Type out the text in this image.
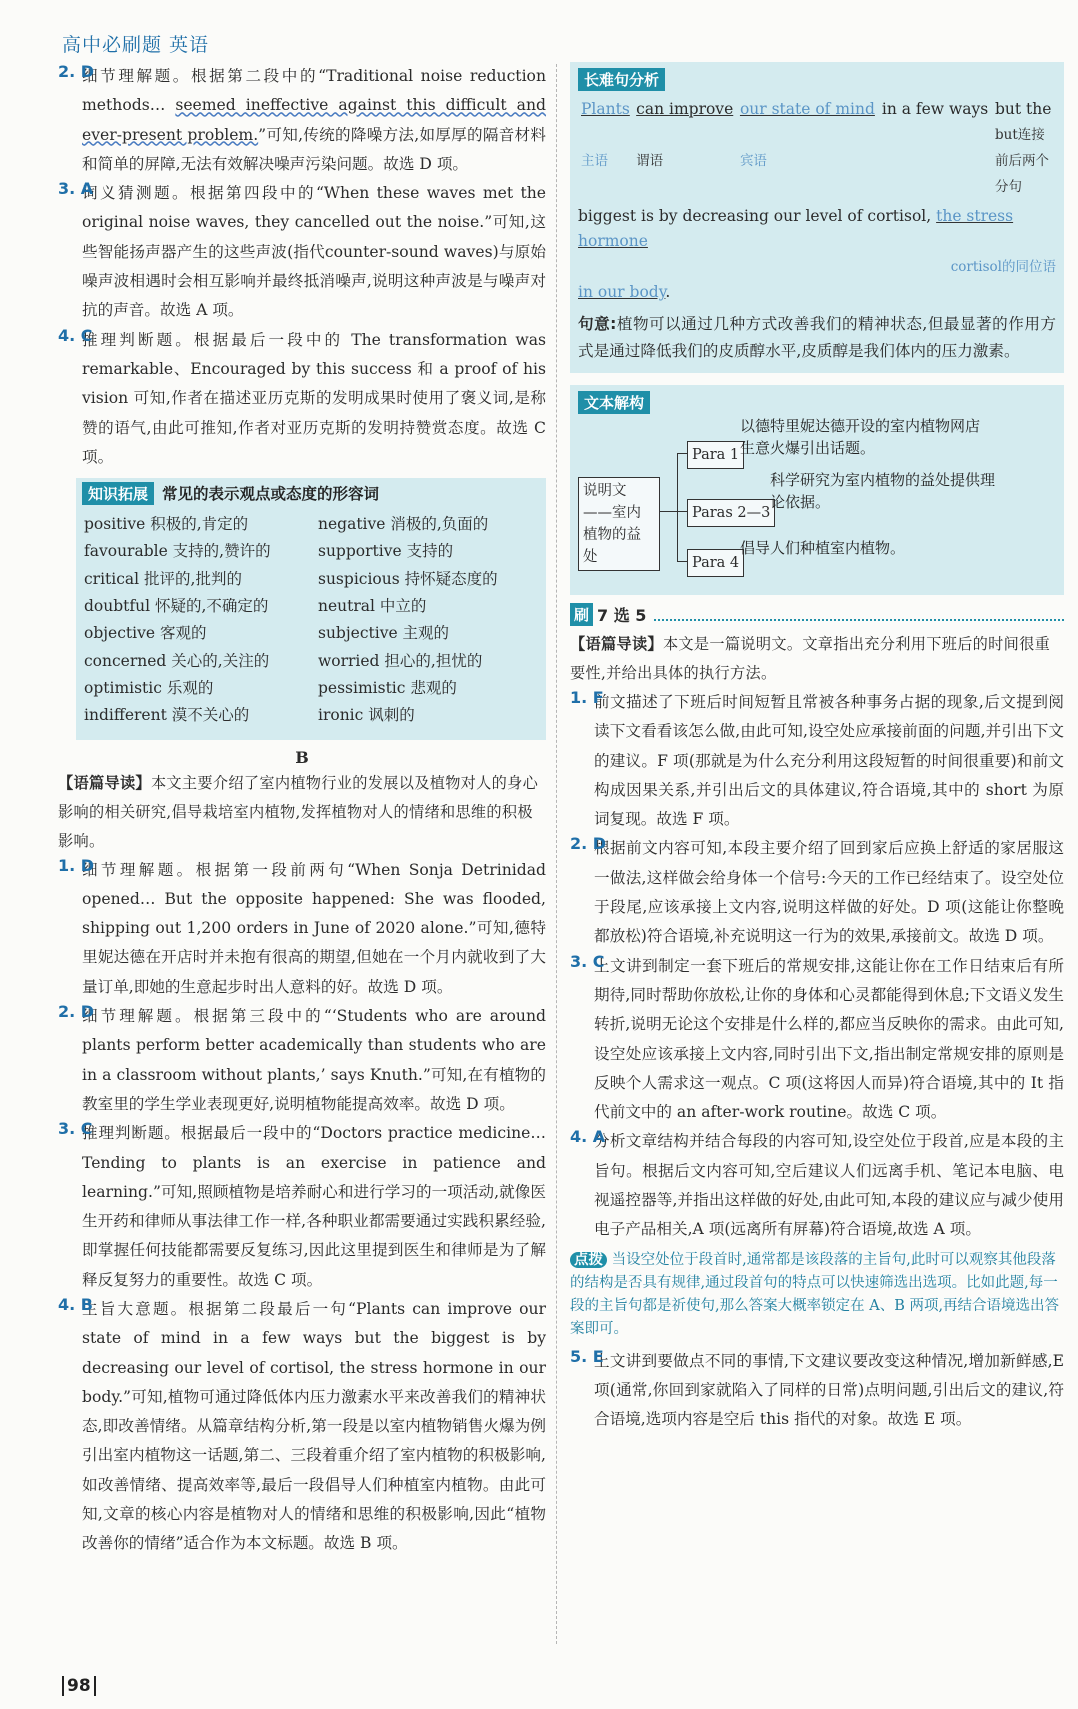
高中必刷题 英语
2. D

细节理解题。根据第二段中的“Traditional noise reduction methods… seemed ineffective against this difficult and ever-present problem.”可知,传统的降噪方法,如厚厚的隔音材料和简单的屏障,无法有效解决噪声污染问题。故选 D 项。

3. A

词义猜测题。根据第四段中的“When these waves met the original noise waves, they cancelled out the noise.”可知,这些智能扬声器产生的这些声波(指代counter-sound waves)与原始噪声波相遇时会相互影响并最终抵消噪声,说明这种声波是与噪声对抗的声音。故选 A 项。

4. C

推理判断题。根据最后一段中的 The transformation was remarkable、Encouraged by this success 和 a proof of his vision 可知,作者在描述亚历克斯的发明成果时使用了褒义词,是称赞的语气,由此可推知,作者对亚历克斯的发明持赞赏态度。故选 C 项。

知识拓展 常见的表示观点或态度的形容词
positive 积极的,肯定的	negative 消极的,负面的
favourable 支持的,赞许的	supportive 支持的
critical 批评的,批判的	suspicious 持怀疑态度的
doubtful 怀疑的,不确定的	neutral 中立的
objective 客观的	subjective 主观的
concerned 关心的,关注的	worried 担心的,担忧的
optimistic 乐观的	pessimistic 悲观的
indifferent 漠不关心的	ironic 讽刺的
B

【语篇导读】本文主要介绍了室内植物行业的发展以及植物对人的身心影响的相关研究,倡导栽培室内植物,发挥植物对人的情绪和思维的积极影响。

1. D

细节理解题。根据第一段前两句“When Sonja Detrinidad opened… But the opposite happened: She was flooded, shipping out 1,200 orders in June of 2020 alone.”可知,德特里妮达德在开店时并未抱有很高的期望,但她在一个月内就收到了大量订单,即她的生意起步时出人意料的好。故选 D 项。

2. D

细节理解题。根据第三段中的“‘Students who are around plants perform better academically than students who are in a classroom without plants,’ says Knuth.”可知,在有植物的教室里的学生学业表现更好,说明植物能提高效率。故选 D 项。

3. C

推理判断题。根据最后一段中的“Doctors practice medicine… Tending to plants is an exercise in patience and learning.”可知,照顾植物是培养耐心和进行学习的一项活动,就像医生开药和律师从事法律工作一样,各种职业都需要通过实践积累经验,即掌握任何技能都需要反复练习,因此这里提到医生和律师是为了解释反复努力的重要性。故选 C 项。

4. B

主旨大意题。根据第二段最后一句“Plants can improve our state of mind in a few ways but the biggest is by decreasing our level of cortisol, the stress hormone in our body.”可知,植物可通过降低体内压力激素水平来改善我们的精神状态,即改善情绪。从篇章结构分析,第一段是以室内植物销售火爆为例引出室内植物这一话题,第二、三段着重介绍了室内植物的积极影响,如改善情绪、提高效率等,最后一段倡导人们种植室内植物。由此可知,文章的核心内容是植物对人的情绪和思维的积极影响,因此“植物改善你的情绪”适合作为本文标题。故选 B 项。

长难句分析
Plants	can improve	our state of mind	in a few ways	but the
主语	谓语	宾语		but连接前后两个分句
biggest is by decreasing our level of cortisol, the stress hormone
cortisol的同位语
in our body.

句意:植物可以通过几种方式改善我们的精神状态,但最显著的作用方式是通过降低我们的皮质醇水平,皮质醇是我们体内的压力激素。

文本解构
说明文——室内植物的益处
Para 1
Paras 2—3
Para 4
以德特里妮达德开设的室内植物网店生意火爆引出话题。
科学研究为室内植物的益处提供理论依据。
倡导人们种植室内植物。
刷 7 选 5

【语篇导读】本文是一篇说明文。文章指出充分利用下班后的时间很重要性,并给出具体的执行方法。

1. F

前文描述了下班后时间短暂且常被各种事务占据的现象,后文提到阅读下文看看该怎么做,由此可知,设空处应承接前面的问题,并引出下文的建议。F 项(那就是为什么充分利用这段短暂的时间很重要)和前文构成因果关系,并引出后文的具体建议,符合语境,其中的 short 为原词复现。故选 F 项。

2. D

根据前文内容可知,本段主要介绍了回到家后应换上舒适的家居服这一做法,这样做会给身体一个信号:今天的工作已经结束了。设空处位于段尾,应该承接上文内容,说明这样做的好处。D 项(这能让你整晚都放松)符合语境,补充说明这一行为的效果,承接前文。故选 D 项。

3. C

上文讲到制定一套下班后的常规安排,这能让你在工作日结束后有所期待,同时帮助你放松,让你的身体和心灵都能得到休息;下文语义发生转折,说明无论这个安排是什么样的,都应当反映你的需求。由此可知,设空处应该承接上文内容,同时引出下文,指出制定常规安排的原则是反映个人需求这一观点。C 项(这将因人而异)符合语境,其中的 It 指代前文中的 an after-work routine。故选 C 项。

4. A

分析文章结构并结合每段的内容可知,设空处位于段首,应是本段的主旨句。根据后文内容可知,空后建议人们远离手机、笔记本电脑、电视遥控器等,并指出这样做的好处,由此可知,本段的建议应与减少使用电子产品相关,A 项(远离所有屏幕)符合语境,故选 A 项。

点拨 当设空处位于段首时,通常都是该段落的主旨句,此时可以观察其他段落的结构是否具有规律,通过段首句的特点可以快速筛选出选项。比如此题,每一段的主旨句都是祈使句,那么答案大概率锁定在 A、B 两项,再结合语境选出答案即可。

5. E

上文讲到要做点不同的事情,下文建议要改变这种情况,增加新鲜感,E 项(通常,你回到家就陷入了同样的日常)点明问题,引出后文的建议,符合语境,选项内容是空后 this 指代的对象。故选 E 项。

98
